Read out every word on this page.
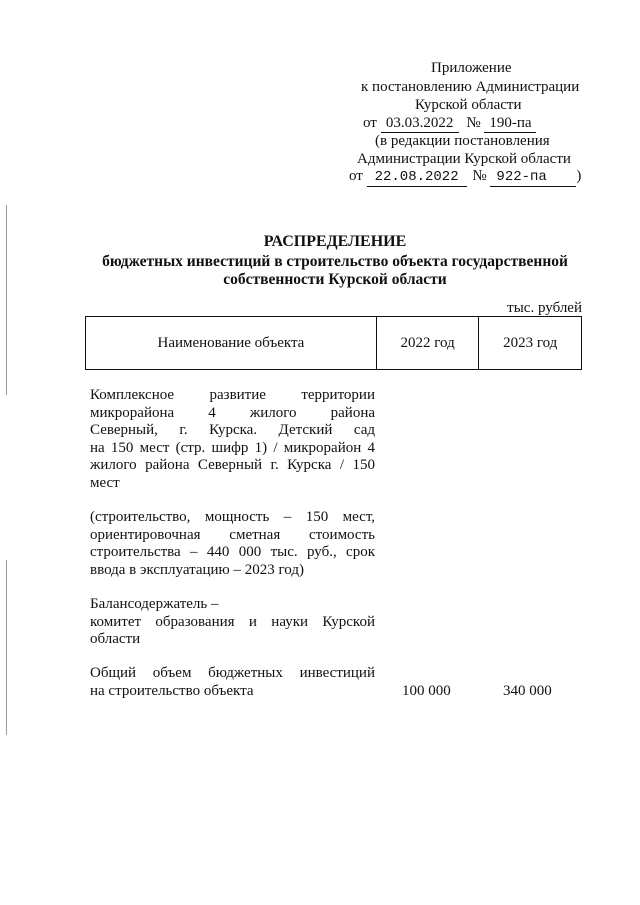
Приложение
к постановлению Администрации
Курской области
от 03.03.2022 № 190-па
(в редакции постановления
Администрации Курской области
от 22.08.2022 № 922-па )
РАСПРЕДЕЛЕНИЕ
бюджетных инвестиций в строительство объекта государственной
собственности Курской области
тыс. рублей
Наименование объекта	2022 год	2023 год
Комплексное развитие территории
микрорайона 4 жилого района
Северный, г. Курска. Детский сад
на 150 мест (стр. шифр 1) / микрорайон 4
жилого района Северный г. Курска / 150
мест
(строительство, мощность – 150 мест,
ориентировочная сметная стоимость
строительства – 440 000 тыс. руб., срок
ввода в эксплуатацию – 2023 год)
Балансодержатель –
комитет образования и науки Курской
области
Общий объем бюджетных инвестиций
на строительство объекта	100 000	340 000
